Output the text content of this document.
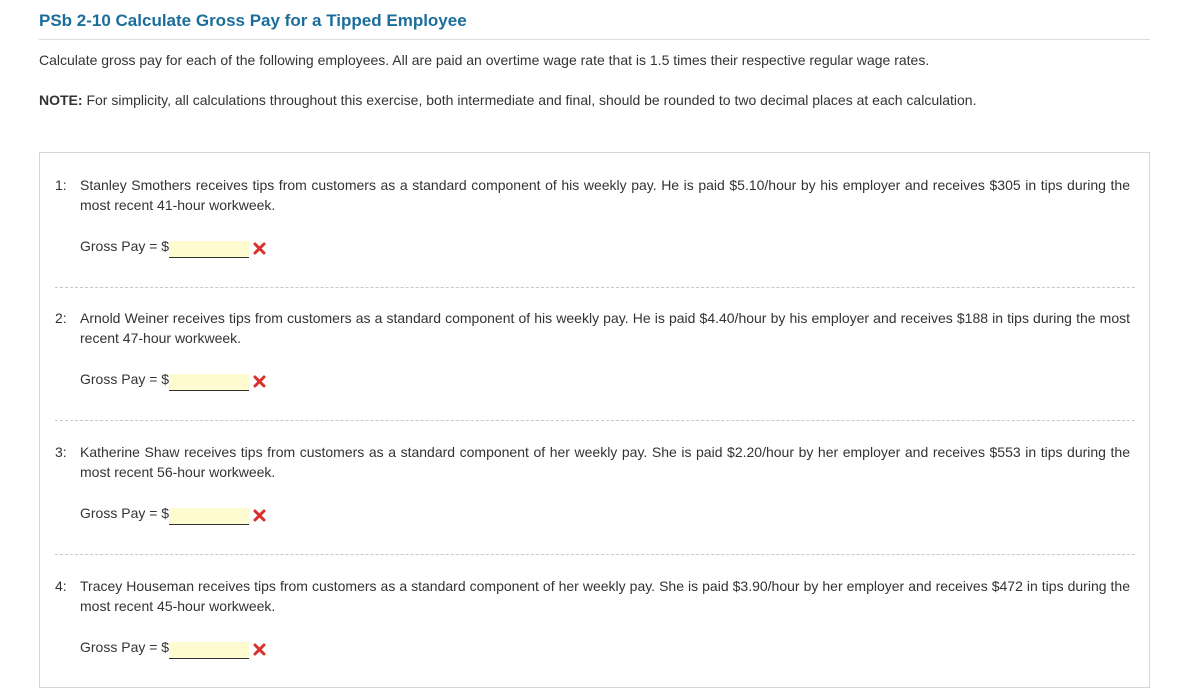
PSb 2-10 Calculate Gross Pay for a Tipped Employee

Calculate gross pay for each of the following employees. All are paid an overtime wage rate that is 1.5 times their respective regular wage rates.

NOTE: For simplicity, all calculations throughout this exercise, both intermediate and final, should be rounded to two decimal places at each calculation.

1: Stanley Smothers receives tips from customers as a standard component of his weekly pay. He is paid $5.10/hour by his employer and receives $305 in tips during the most recent 41-hour workweek.

Gross Pay = $
2: Arnold Weiner receives tips from customers as a standard component of his weekly pay. He is paid $4.40/hour by his employer and receives $188 in tips during the most recent 47-hour workweek.

Gross Pay = $
3: Katherine Shaw receives tips from customers as a standard component of her weekly pay. She is paid $2.20/hour by her employer and receives $553 in tips during the most recent 56-hour workweek.

Gross Pay = $
4: Tracey Houseman receives tips from customers as a standard component of her weekly pay. She is paid $3.90/hour by her employer and receives $472 in tips during the most recent 45-hour workweek.

Gross Pay = $
